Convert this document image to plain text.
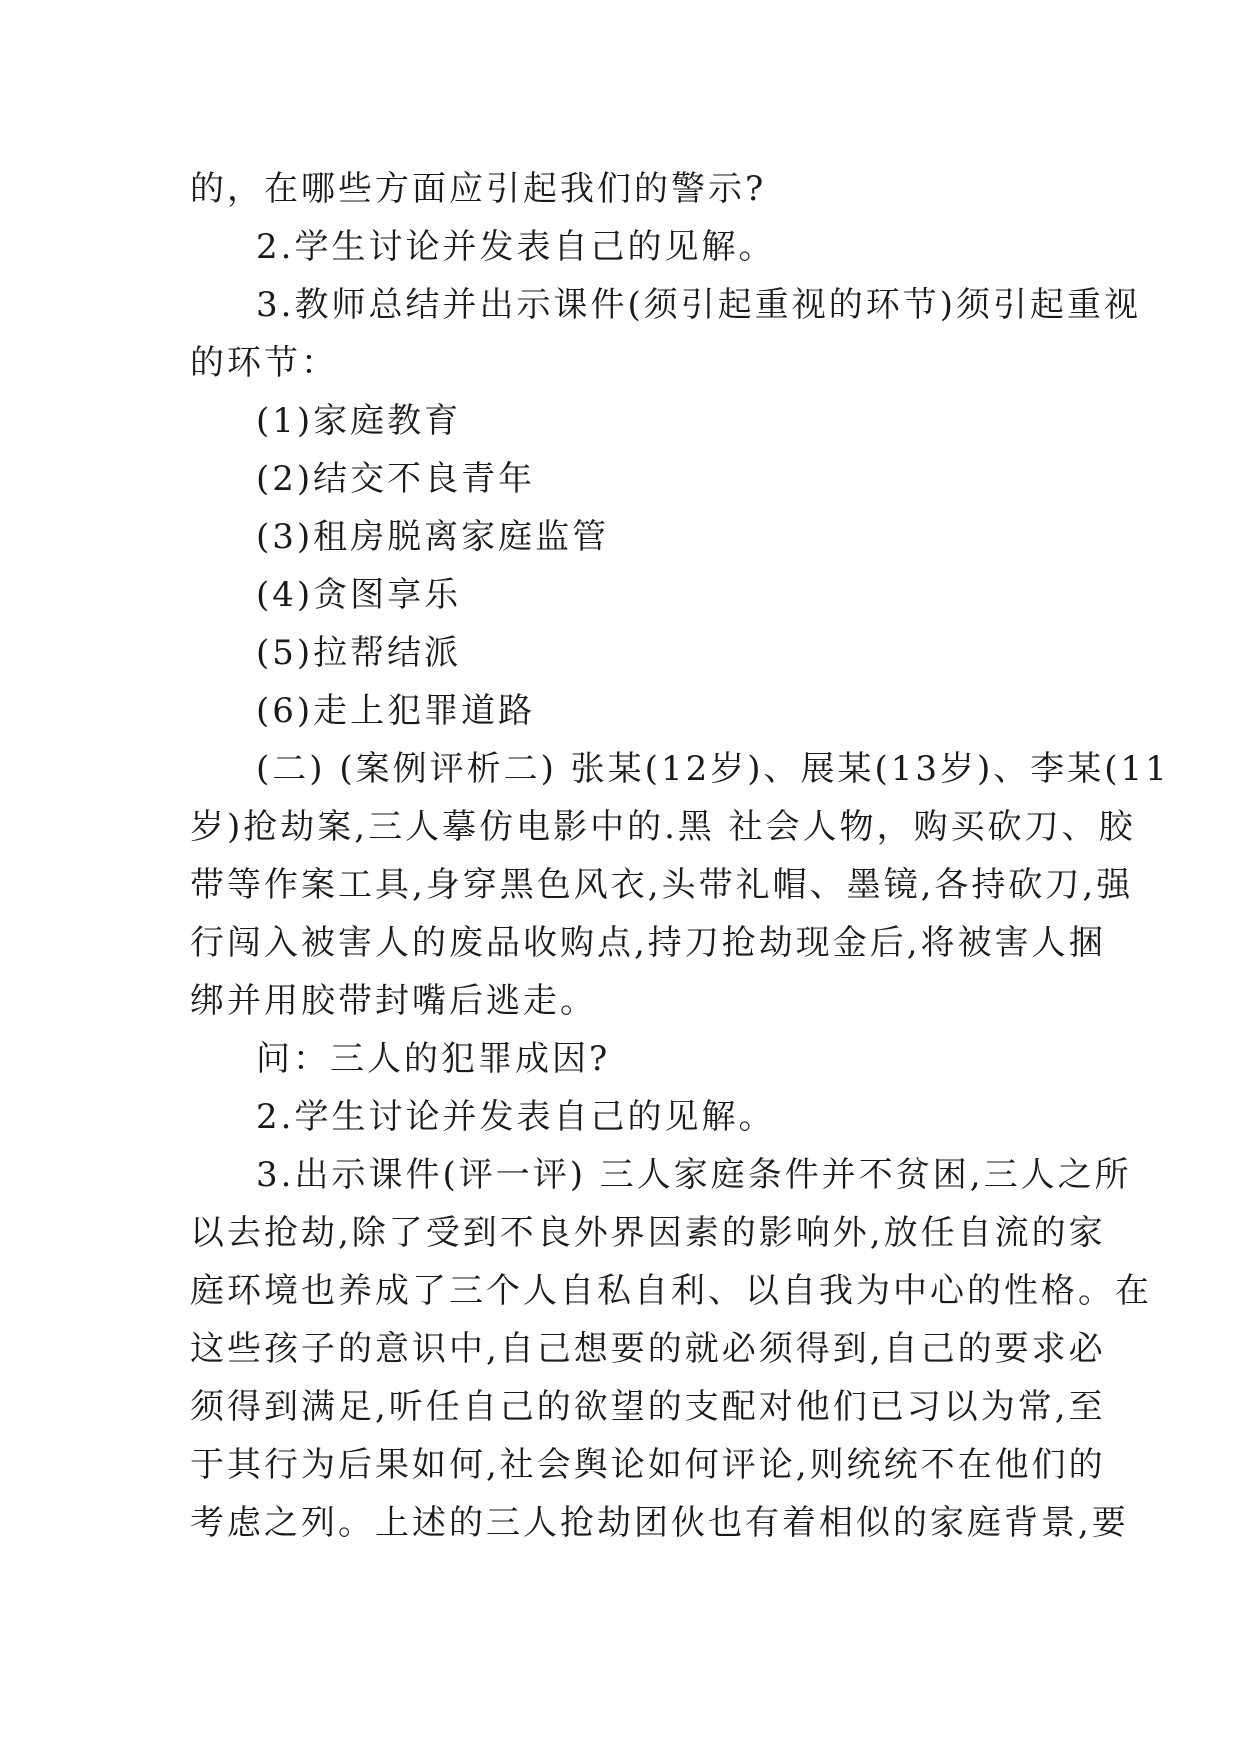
的，在哪些方面应引起我们的警示?
2.学生讨论并发表自己的见解。
3.教师总结并出示课件(须引起重视的环节)须引起重视
的环节：
(1)家庭教育
(2)结交不良青年
(3)租房脱离家庭监管
(4)贪图享乐
(5)拉帮结派
(6)走上犯罪道路
(二) (案例评析二) 张某(12岁)、展某(13岁)、李某(11
岁)抢劫案,三人摹仿电影中的.黑 社会人物，购买砍刀、胶
带等作案工具,身穿黑色风衣,头带礼帽、墨镜,各持砍刀,强
行闯入被害人的废品收购点,持刀抢劫现金后,将被害人捆
绑并用胶带封嘴后逃走。
问：三人的犯罪成因?
2.学生讨论并发表自己的见解。
3.出示课件(评一评) 三人家庭条件并不贫困,三人之所
以去抢劫,除了受到不良外界因素的影响外,放任自流的家
庭环境也养成了三个人自私自利、以自我为中心的性格。在
这些孩子的意识中,自己想要的就必须得到,自己的要求必
须得到满足,听任自己的欲望的支配对他们已习以为常,至
于其行为后果如何,社会舆论如何评论,则统统不在他们的
考虑之列。上述的三人抢劫团伙也有着相似的家庭背景,要
